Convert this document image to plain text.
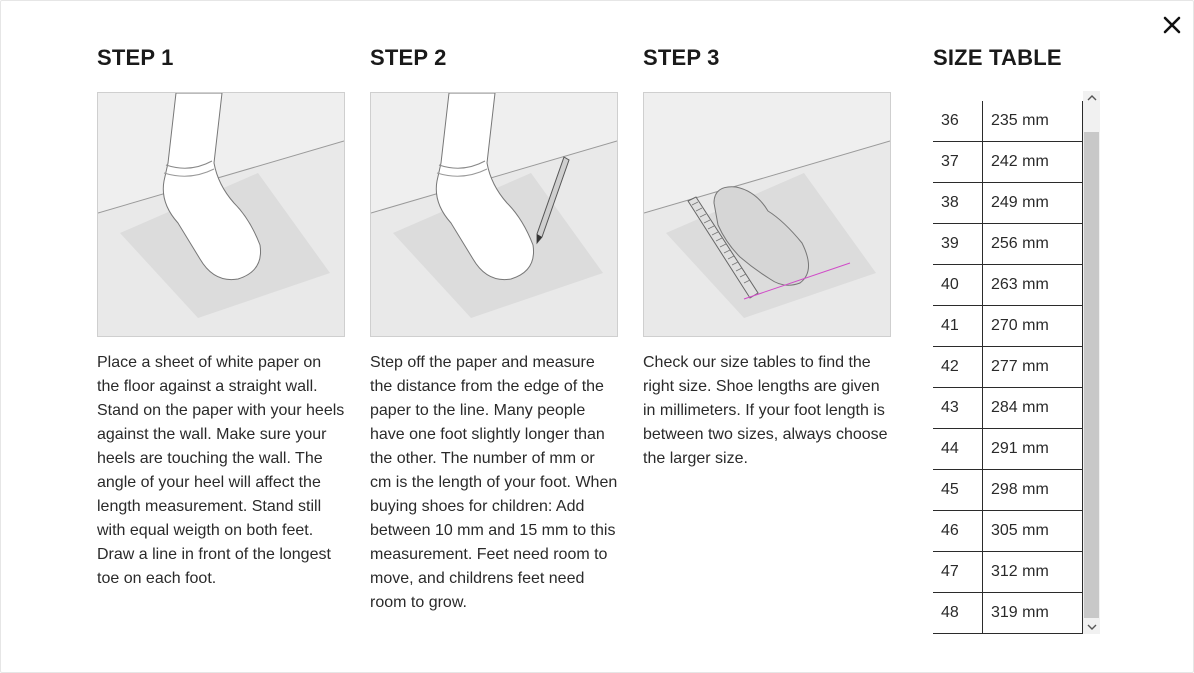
STEP 1

Place a sheet of white paper on the floor against a straight wall. Stand on the paper with your heels against the wall. Make sure your heels are touching the wall. The angle of your heel will affect the length measurement. Stand still with equal weigth on both feet. Draw a line in front of the longest toe on each foot.

STEP 2

Step off the paper and measure the distance from the edge of the paper to the line. Many people have one foot slightly longer than the other. The number of mm or cm is the length of your foot. When buying shoes for children: Add between 10 mm and 15 mm to this measurement. Feet need room to move, and childrens feet need room to grow.

STEP 3

Check our size tables to find the right size. Shoe lengths are given in millimeters. If your foot length is between two sizes, always choose the larger size.

SIZE TABLE
36	235 mm
37	242 mm
38	249 mm
39	256 mm
40	263 mm
41	270 mm
42	277 mm
43	284 mm
44	291 mm
45	298 mm
46	305 mm
47	312 mm
48	319 mm
